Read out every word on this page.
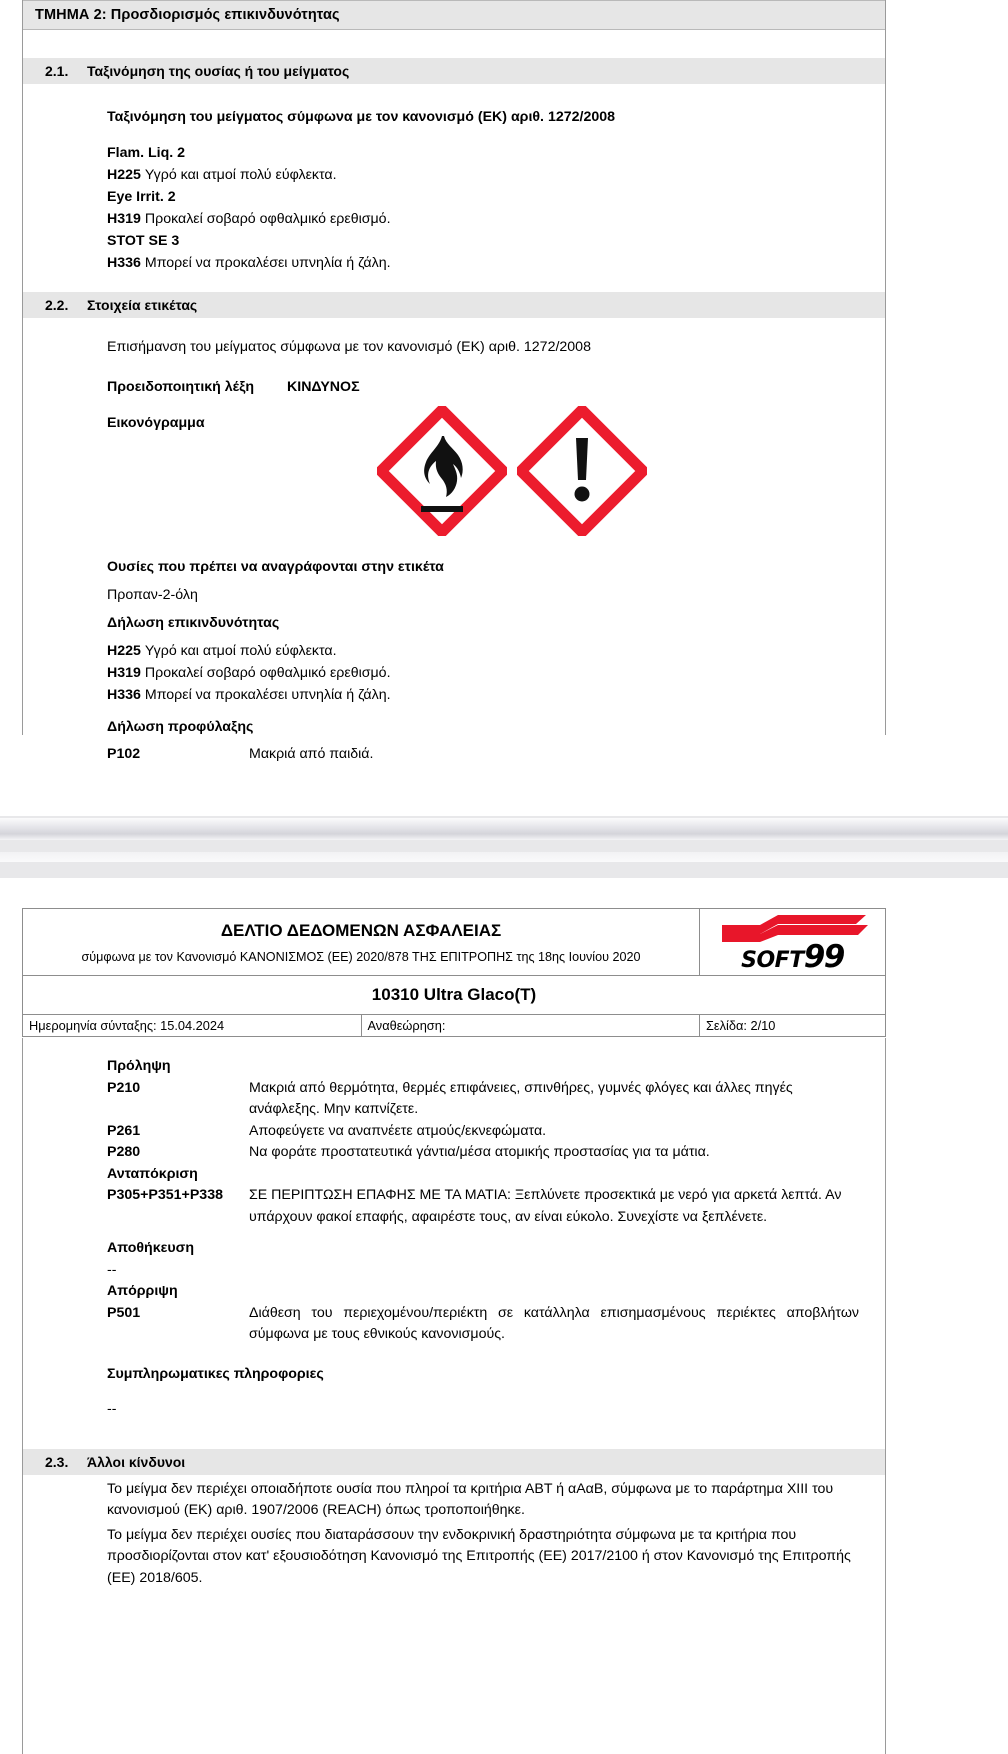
ΤΜΗΜΑ 2: Προσδιορισμός επικινδυνότητας
2.1.	Ταξινόμηση της ουσίας ή του μείγματος
Ταξινόμηση του μείγματος σύμφωνα με τον κανονισμό (ΕΚ) αριθ. 1272/2008
Flam. Liq. 2
H225 Υγρό και ατμοί πολύ εύφλεκτα.
Eye Irrit. 2
H319 Προκαλεί σοβαρό οφθαλμικό ερεθισμό.
STOT SE 3
H336 Μπορεί να προκαλέσει υπνηλία ή ζάλη.
2.2.	Στοιχεία ετικέτας
Επισήμανση του μείγματος σύμφωνα με τον κανονισμό (ΕΚ) αριθ. 1272/2008
Προειδοποιητική λέξη	ΚΙΝΔΥΝΟΣ
Εικονόγραμμα
Ουσίες που πρέπει να αναγράφονται στην ετικέτα
Προπαν-2-όλη
Δήλωση επικινδυνότητας
H225 Υγρό και ατμοί πολύ εύφλεκτα.
H319 Προκαλεί σοβαρό οφθαλμικό ερεθισμό.
H336 Μπορεί να προκαλέσει υπνηλία ή ζάλη.
Δήλωση προφύλαξης
P102	Μακριά από παιδιά.
ΔΕΛΤΙΟ ΔΕΔΟΜΕΝΩΝ ΑΣΦΑΛΕΙΑΣ		SOFT99

σύμφωνα με τον Κανονισμό ΚΑΝΟΝΙΣΜΟΣ (ΕΕ) 2020/878 ΤΗΣ ΕΠΙΤΡΟΠΗΣ της 18ης Ιουνίου 2020		
10310 Ultra Glaco(T)		
Ημερομηνία σύνταξης: 15.04.2024	Αναθεώρηση:	Σελίδα: 2/10
Πρόληψη
P210	Μακριά από θερμότητα, θερμές επιφάνειες, σπινθήρες, γυμνές φλόγες και άλλες πηγές ανάφλεξης. Μην καπνίζετε.
P261	Αποφεύγετε να αναπνέετε ατμούς/εκνεφώματα.
P280	Να φοράτε προστατευτικά γάντια/μέσα ατομικής προστασίας για τα μάτια.
Ανταπόκριση
P305+P351+P338	ΣΕ ΠΕΡΙΠΤΩΣΗ ΕΠΑΦΗΣ ΜΕ ΤΑ ΜΑΤΙΑ: Ξεπλύνετε προσεκτικά με νερό για αρκετά λεπτά. Αν υπάρχουν φακοί επαφής, αφαιρέστε τους, αν είναι εύκολο. Συνεχίστε να ξεπλένετε.
Αποθήκευση
--
Απόρριψη
P501	Διάθεση του περιεχομένου/περιέκτη σε κατάλληλα επισημασμένους περιέκτες αποβλήτων σύμφωνα με τους εθνικούς κανονισμούς.
Συμπληρωματικες πληροφοριες
--
2.3.	Άλλοι κίνδυνοι

Το μείγμα δεν περιέχει οποιαδήποτε ουσία που πληροί τα κριτήρια ΑΒΤ ή αΑαΒ, σύμφωνα με το παράρτημα XIII του κανονισμού (ΕΚ) αριθ. 1907/2006 (REACH) όπως τροποποιήθηκε.

Το μείγμα δεν περιέχει ουσίες που διαταράσσουν την ενδοκρινική δραστηριότητα σύμφωνα με τα κριτήρια που προσδιορίζονται στον κατ' εξουσιοδότηση Κανονισμό της Επιτροπής (ΕΕ) 2017/2100 ή στον Κανονισμό της Επιτροπής (ΕΕ) 2018/605.
